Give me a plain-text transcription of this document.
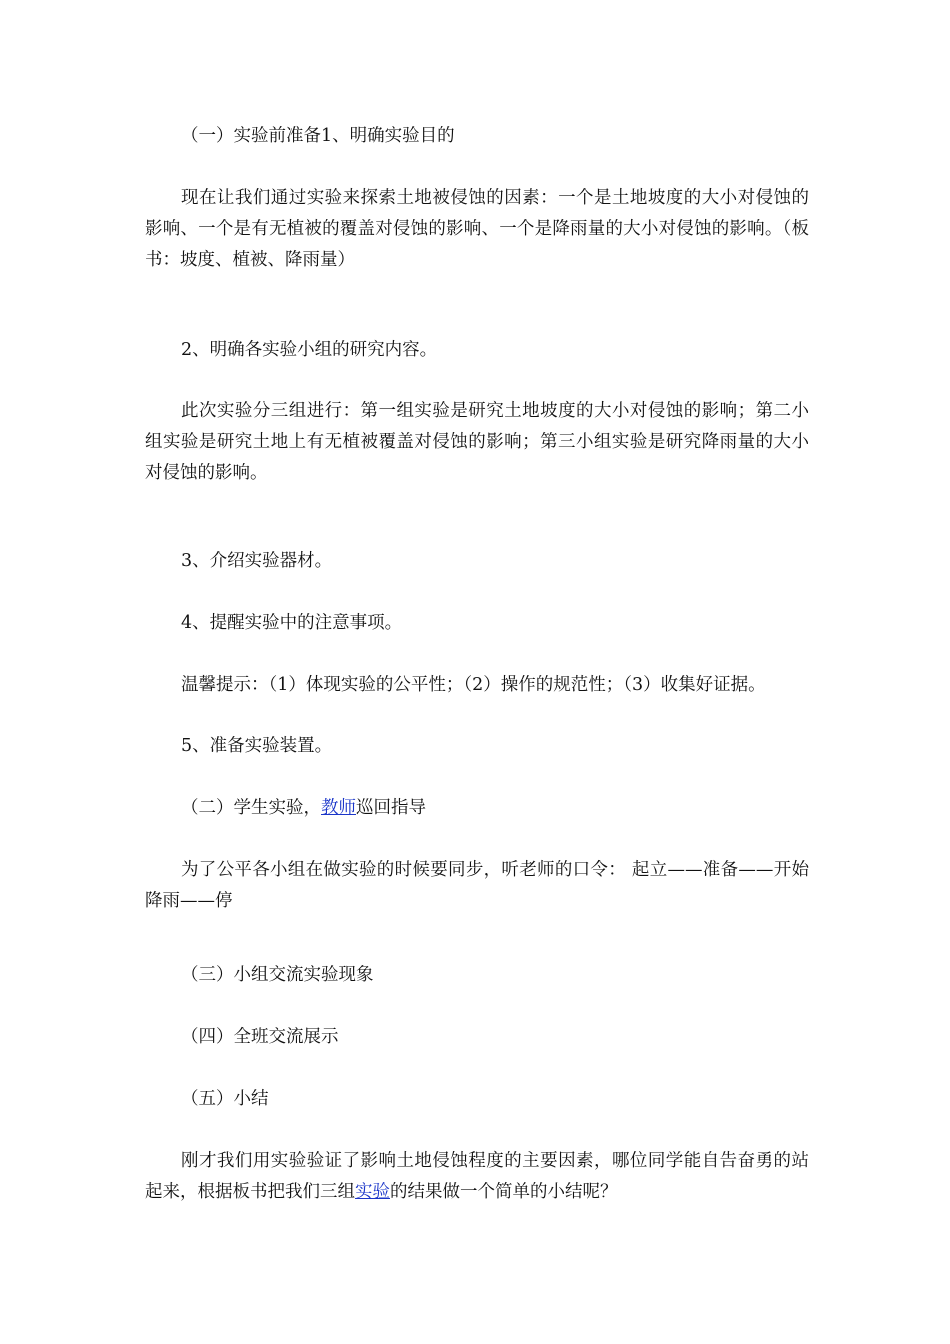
（一）实验前准备1、明确实验目的

现在让我们通过实验来探索土地被侵蚀的因素：一个是土地坡度的大小对侵蚀的影响、一个是有无植被的覆盖对侵蚀的影响、一个是降雨量的大小对侵蚀的影响。（板书：坡度、植被、降雨量）

2、明确各实验小组的研究内容。

此次实验分三组进行：第一组实验是研究土地坡度的大小对侵蚀的影响；第二小组实验是研究土地上有无植被覆盖对侵蚀的影响；第三小组实验是研究降雨量的大小对侵蚀的影响。

3、介绍实验器材。

4、提醒实验中的注意事项。

温馨提示：（1）体现实验的公平性；（2）操作的规范性；（3）收集好证据。

5、准备实验装置。

（二）学生实验，教师巡回指导

为了公平各小组在做实验的时候要同步，听老师的口令： 起立——准备——开始降雨——停

（三）小组交流实验现象

（四）全班交流展示

（五）小结

刚才我们用实验验证了影响土地侵蚀程度的主要因素，哪位同学能自告奋勇的站起来，根据板书把我们三组实验的结果做一个简单的小结呢？
